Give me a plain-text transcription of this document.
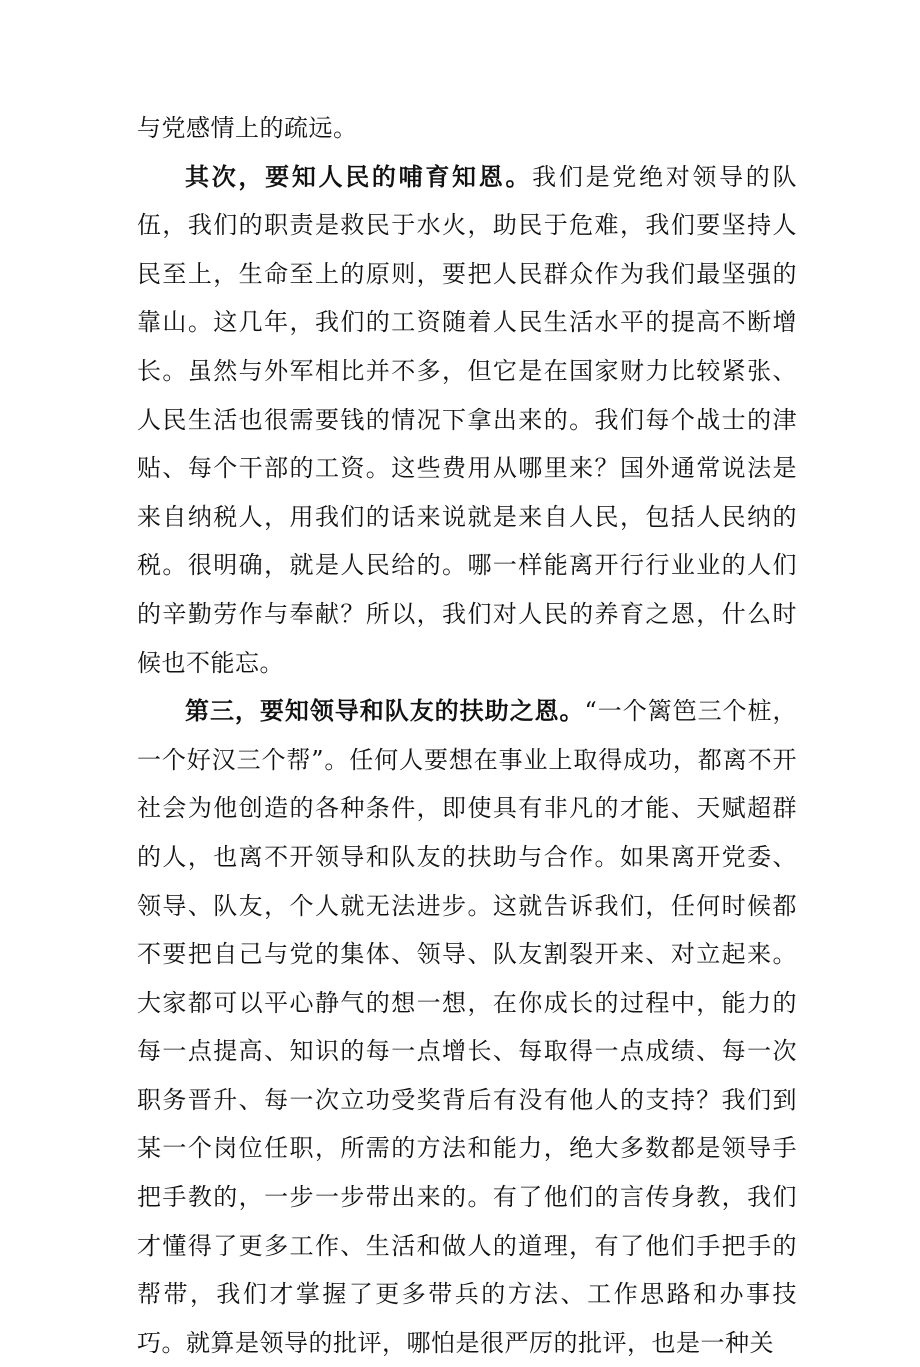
与党感情上的疏远。

其次，要知人民的哺育知恩。我们是党绝对领导的队伍，我们的职责是救民于水火，助民于危难，我们要坚持人民至上，生命至上的原则，要把人民群众作为我们最坚强的靠山。这几年，我们的工资随着人民生活水平的提高不断增长。虽然与外军相比并不多，但它是在国家财力比较紧张、人民生活也很需要钱的情况下拿出来的。我们每个战士的津贴、每个干部的工资。这些费用从哪里来？国外通常说法是来自纳税人，用我们的话来说就是来自人民，包括人民纳的税。很明确，就是人民给的。哪一样能离开行行业业的人们的辛勤劳作与奉献？所以，我们对人民的养育之恩，什么时候也不能忘。

第三，要知领导和队友的扶助之恩。“一个篱笆三个桩，一个好汉三个帮”。任何人要想在事业上取得成功，都离不开社会为他创造的各种条件，即使具有非凡的才能、天赋超群的人，也离不开领导和队友的扶助与合作。如果离开党委、领导、队友，个人就无法进步。这就告诉我们，任何时候都不要把自己与党的集体、领导、队友割裂开来、对立起来。大家都可以平心静气的想一想，在你成长的过程中，能力的每一点提高、知识的每一点增长、每取得一点成绩、每一次职务晋升、每一次立功受奖背后有没有他人的支持？我们到某一个岗位任职，所需的方法和能力，绝大多数都是领导手把手教的，一步一步带出来的。有了他们的言传身教，我们才懂得了更多工作、生活和做人的道理，有了他们手把手的帮带，我们才掌握了更多带兵的方法、工作思路和办事技巧。就算是领导的批评，哪怕是很严厉的批评，也是一种关
